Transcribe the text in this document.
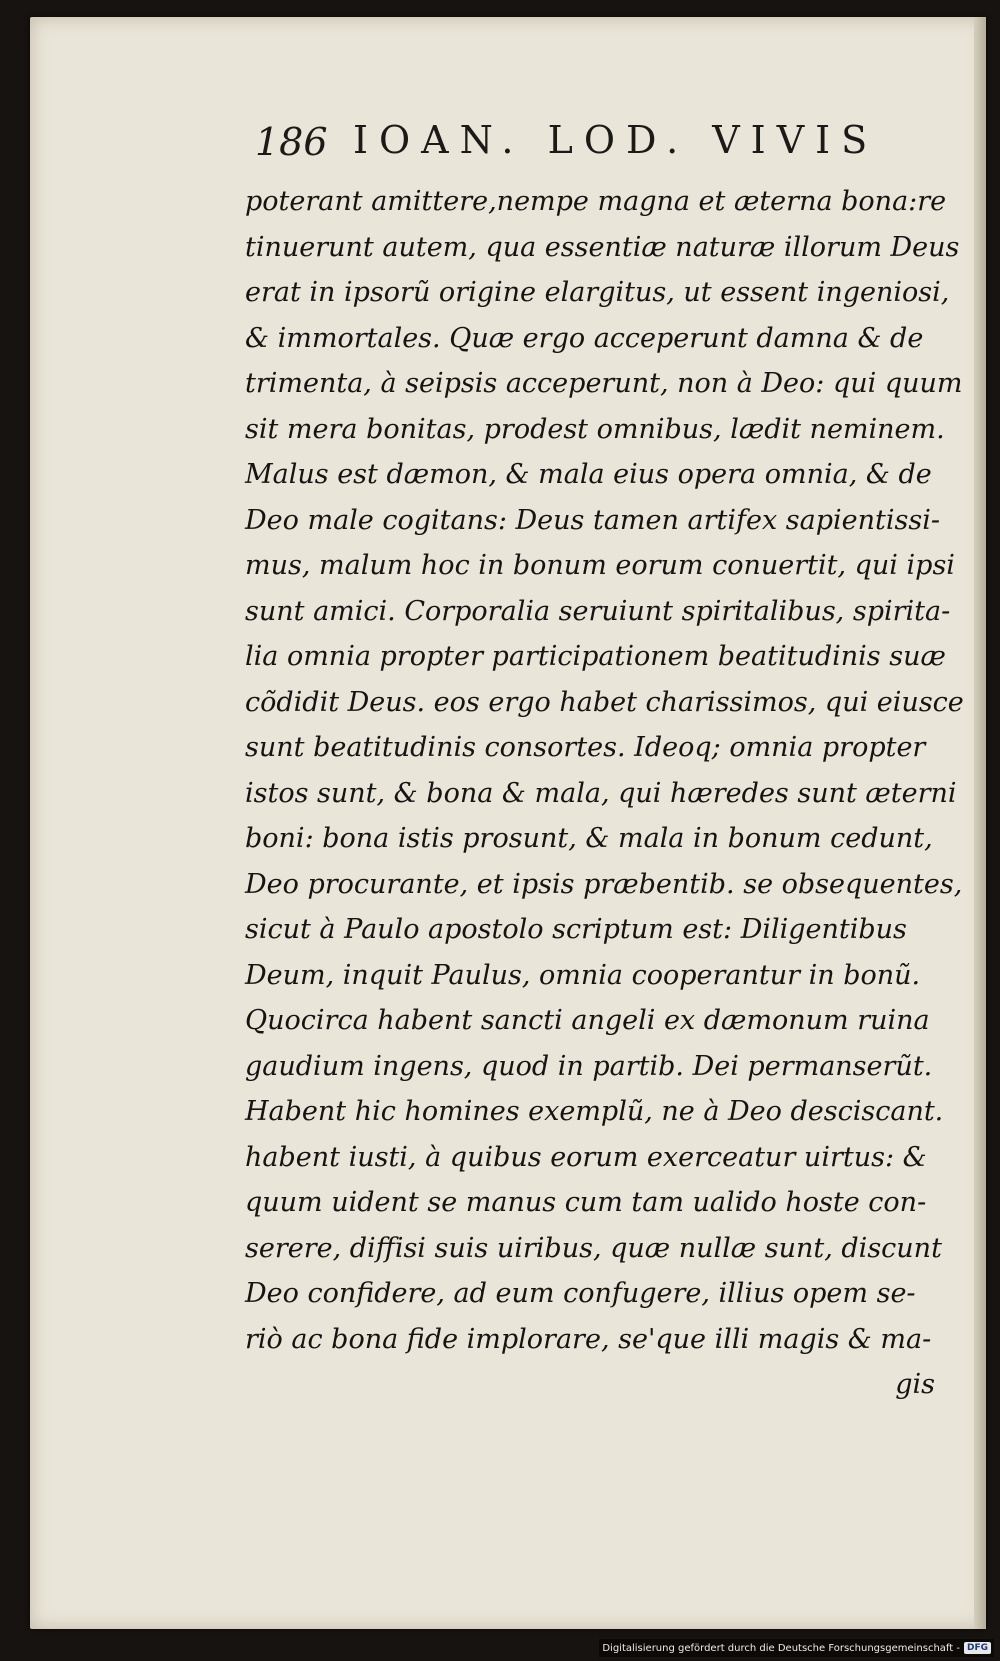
186 IOAN. LOD. VIVIS
poterant amittere,nempe magna et æterna bona:re
tinuerunt autem, qua essentiæ naturæ illorum Deus
erat in ipsorũ origine elargitus, ut essent ingeniosi,
& immortales. Quæ ergo acceperunt damna & de
trimenta, à seipsis acceperunt, non à Deo: qui quum
sit mera bonitas, prodest omnibus, lædit neminem.
Malus est dæmon, & mala eius opera omnia, & de
Deo male cogitans: Deus tamen artifex sapientissi-
mus, malum hoc in bonum eorum conuertit, qui ipsi
sunt amici. Corporalia seruiunt spiritalibus, spirita-
lia omnia propter participationem beatitudinis suæ
cõdidit Deus. eos ergo habet charissimos, qui eiusce
sunt beatitudinis consortes. Ideoq; omnia propter
istos sunt, & bona & mala, qui hæredes sunt æterni
boni: bona istis prosunt, & mala in bonum cedunt,
Deo procurante, et ipsis præbentib. se obsequentes,
sicut à Paulo apostolo scriptum est: Diligentibus
Deum, inquit Paulus, omnia cooperantur in bonũ.
Quocirca habent sancti angeli ex dæmonum ruina
gaudium ingens, quod in partib. Dei permanserũt.
Habent hic homines exemplũ, ne à Deo desciscant.
habent iusti, à quibus eorum exerceatur uirtus: &
quum uident se manus cum tam ualido hoste con-
serere, diffisi suis uiribus, quæ nullæ sunt, discunt
Deo confidere, ad eum confugere, illius opem se-
riò ac bona fide implorare, se'que illi magis & ma-
gis
Digitalisierung gefördert durch die Deutsche Forschungsgemeinschaft - DFG
